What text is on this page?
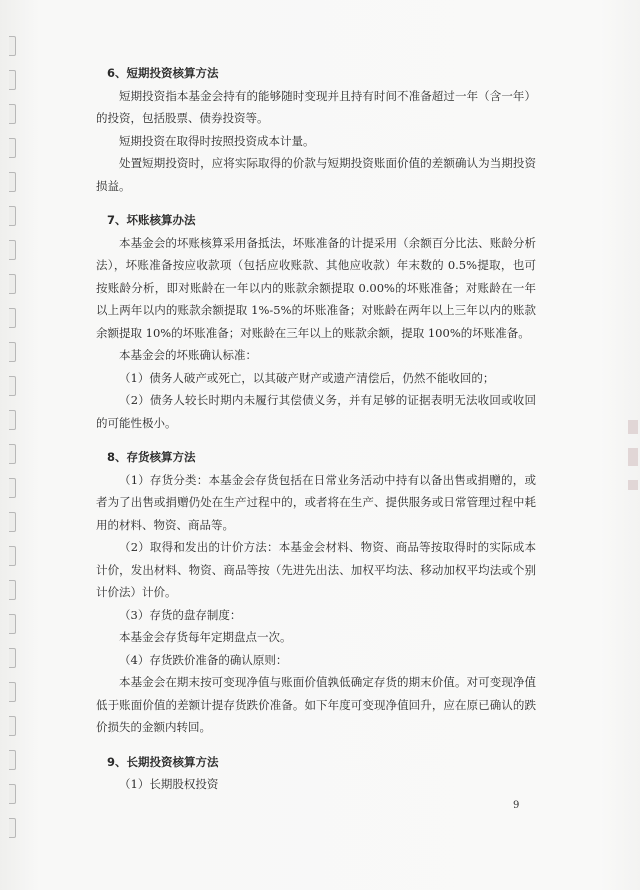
6、短期投资核算方法

短期投资指本基金会持有的能够随时变现并且持有时间不准备超过一年（含一年）的投资，包括股票、债券投资等。

短期投资在取得时按照投资成本计量。

处置短期投资时，应将实际取得的价款与短期投资账面价值的差额确认为当期投资损益。

7、坏账核算办法

本基金会的坏账核算采用备抵法，坏账准备的计提采用（余额百分比法、账龄分析法），坏账准备按应收款项（包括应收账款、其他应收款）年末数的 0.5%提取，也可按账龄分析，即对账龄在一年以内的账款余额提取 0.00%的坏账准备；对账龄在一年以上两年以内的账款余额提取 1%-5%的坏账准备；对账龄在两年以上三年以内的账款余额提取 10%的坏账准备；对账龄在三年以上的账款余额，提取 100%的坏账准备。

本基金会的坏账确认标准：

（1）债务人破产或死亡，以其破产财产或遗产清偿后，仍然不能收回的；

（2）债务人较长时期内未履行其偿债义务，并有足够的证据表明无法收回或收回的可能性极小。

8、存货核算方法

（1）存货分类：本基金会存货包括在日常业务活动中持有以备出售或捐赠的，或者为了出售或捐赠仍处在生产过程中的，或者将在生产、提供服务或日常管理过程中耗用的材料、物资、商品等。

（2）取得和发出的计价方法：本基金会材料、物资、商品等按取得时的实际成本计价，发出材料、物资、商品等按（先进先出法、加权平均法、移动加权平均法或个别计价法）计价。

（3）存货的盘存制度：

本基金会存货每年定期盘点一次。

（4）存货跌价准备的确认原则：

本基金会在期末按可变现净值与账面价值孰低确定存货的期末价值。对可变现净值低于账面价值的差额计提存货跌价准备。如下年度可变现净值回升，应在原已确认的跌价损失的金额内转回。

9、长期投资核算方法

（1）长期股权投资

9
